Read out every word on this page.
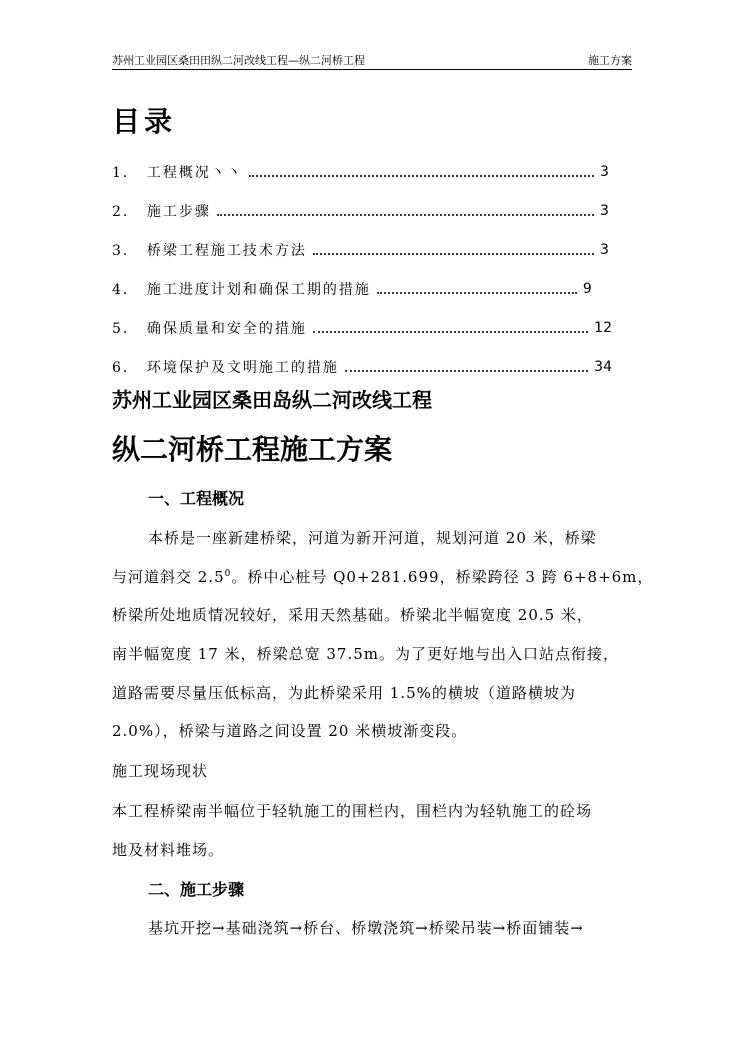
苏州工业园区桑田田纵二河改线工程—纵二河桥工程	施工方案
目录
1． 工程概况丶丶	3
2． 施工步骤	3
3． 桥梁工程施工技术方法	3
4． 施工进度计划和确保工期的措施	9
5． 确保质量和安全的措施	12
6． 环境保护及文明施工的措施	34
苏州工业园区桑田岛纵二河改线工程
纵二河桥工程施工方案
一、工程概况
本桥是一座新建桥梁，河道为新开河道，规划河道 20 米，桥梁
与河道斜交 $2.5^0$。桥中心桩号 Q0+281.699，桥梁跨径 3 跨 6+8+6m，
桥梁所处地质情况较好，采用天然基础。桥梁北半幅宽度 20.5 米，
南半幅宽度 17 米，桥梁总宽 37.5m。为了更好地与出入口站点衔接，
道路需要尽量压低标高，为此桥梁采用 1.5%的横坡（道路横坡为
2.0%），桥梁与道路之间设置 20 米横坡渐变段。
施工现场现状
本工程桥梁南半幅位于轻轨施工的围栏内，围栏内为轻轨施工的砼场
地及材料堆场。
二、施工步骤
基坑开挖→基础浇筑→桥台、桥墩浇筑→桥梁吊装→桥面铺装→
